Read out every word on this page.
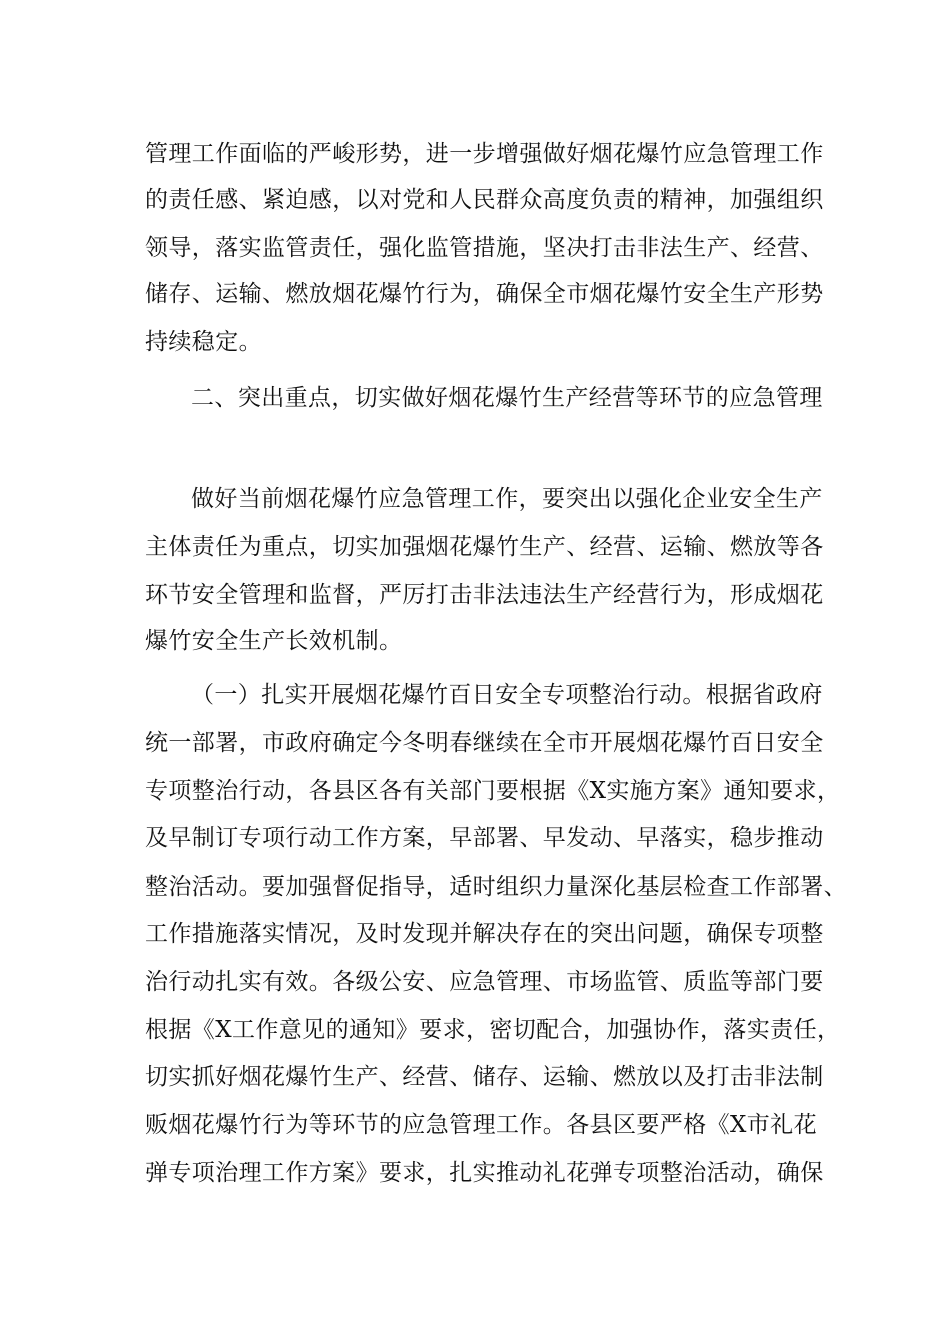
管理工作面临的严峻形势，进一步增强做好烟花爆竹应急管理工作
的责任感、紧迫感，以对党和人民群众高度负责的精神，加强组织
领导，落实监管责任，强化监管措施，坚决打击非法生产、经营、
储存、运输、燃放烟花爆竹行为，确保全市烟花爆竹安全生产形势
持续稳定。
二、突出重点，切实做好烟花爆竹生产经营等环节的应急管理
做好当前烟花爆竹应急管理工作，要突出以强化企业安全生产
主体责任为重点，切实加强烟花爆竹生产、经营、运输、燃放等各
环节安全管理和监督，严厉打击非法违法生产经营行为，形成烟花
爆竹安全生产长效机制。
（一）扎实开展烟花爆竹百日安全专项整治行动。根据省政府
统一部署，市政府确定今冬明春继续在全市开展烟花爆竹百日安全
专项整治行动，各县区各有关部门要根据《X实施方案》通知要求，
及早制订专项行动工作方案，早部署、早发动、早落实，稳步推动
整治活动。要加强督促指导，适时组织力量深化基层检查工作部署、
工作措施落实情况，及时发现并解决存在的突出问题，确保专项整
治行动扎实有效。各级公安、应急管理、市场监管、质监等部门要
根据《X工作意见的通知》要求，密切配合，加强协作，落实责任，
切实抓好烟花爆竹生产、经营、储存、运输、燃放以及打击非法制
贩烟花爆竹行为等环节的应急管理工作。各县区要严格《X市礼花
弹专项治理工作方案》要求，扎实推动礼花弹专项整治活动，确保
